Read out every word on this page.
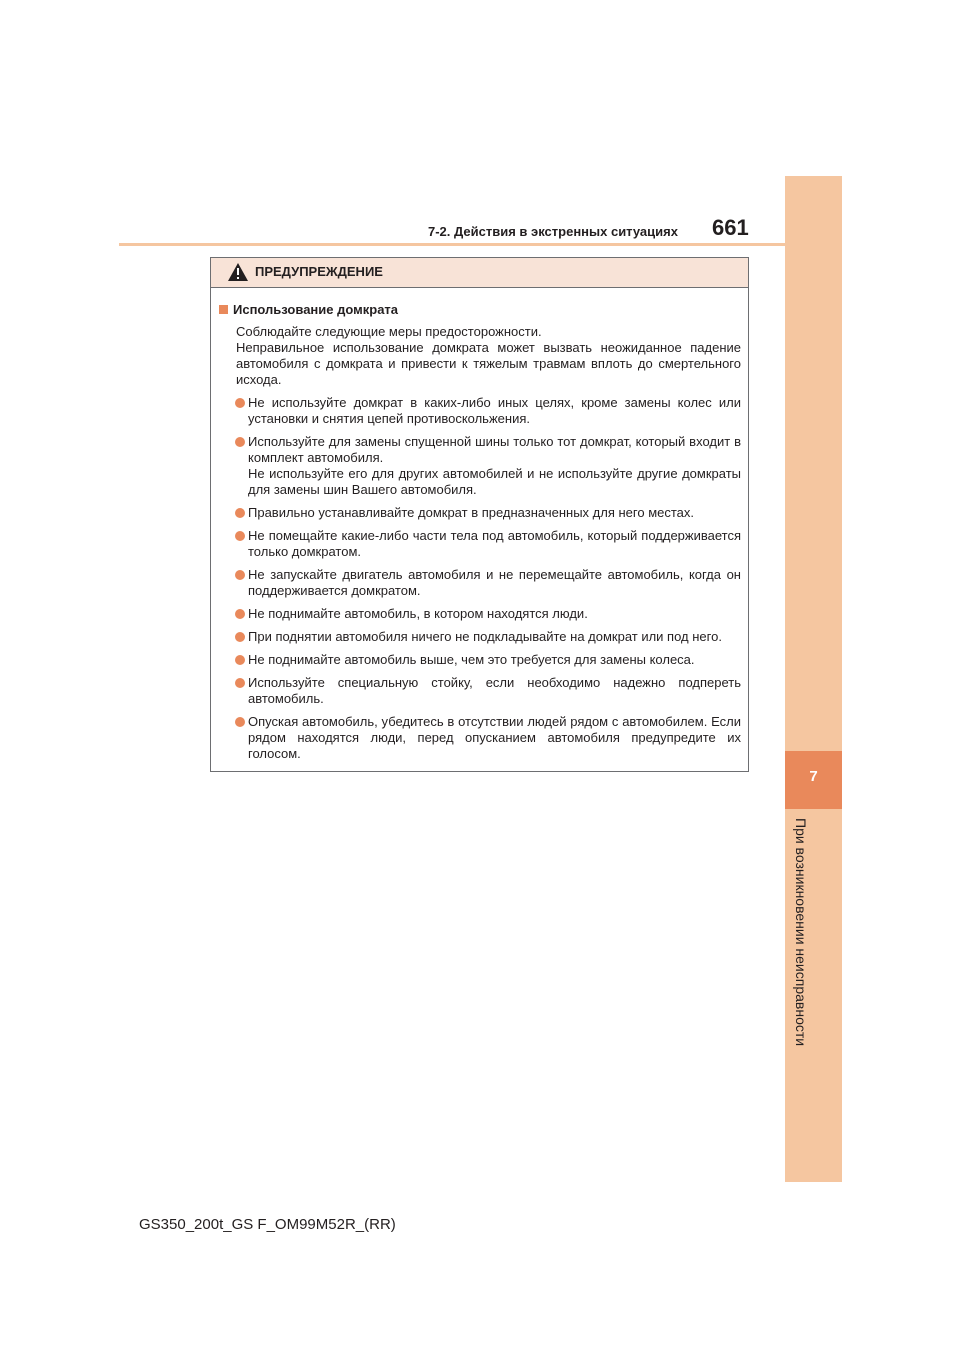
7
При возникновении неисправности
7-2. Действия в экстренных ситуациях 661
ПРЕДУПРЕЖДЕНИЕ
Использование домкрата
Соблюдайте следующие меры предосторожности.
Неправильное использование домкрата может вызвать неожиданное падение автомобиля с домкрата и привести к тяжелым травмам вплоть до смертельного исхода.
Не используйте домкрат в каких-либо иных целях, кроме замены колес или установки и снятия цепей противоскольжения.
Используйте для замены спущенной шины только тот домкрат, который входит в комплект автомобиля.
Не используйте его для других автомобилей и не используйте другие домкраты для замены шин Вашего автомобиля.
Правильно устанавливайте домкрат в предназначенных для него местах.
Не помещайте какие-либо части тела под автомобиль, который поддерживается только домкратом.
Не запускайте двигатель автомобиля и не перемещайте автомобиль, когда он поддерживается домкратом.
Не поднимайте автомобиль, в котором находятся люди.
При поднятии автомобиля ничего не подкладывайте на домкрат или под него.
Не поднимайте автомобиль выше, чем это требуется для замены колеса.
Используйте специальную стойку, если необходимо надежно подпереть автомобиль.
Опуская автомобиль, убедитесь в отсутствии людей рядом с автомобилем. Если рядом находятся люди, перед опусканием автомобиля предупредите их голосом.
GS350_200t_GS F_OM99M52R_(RR)
